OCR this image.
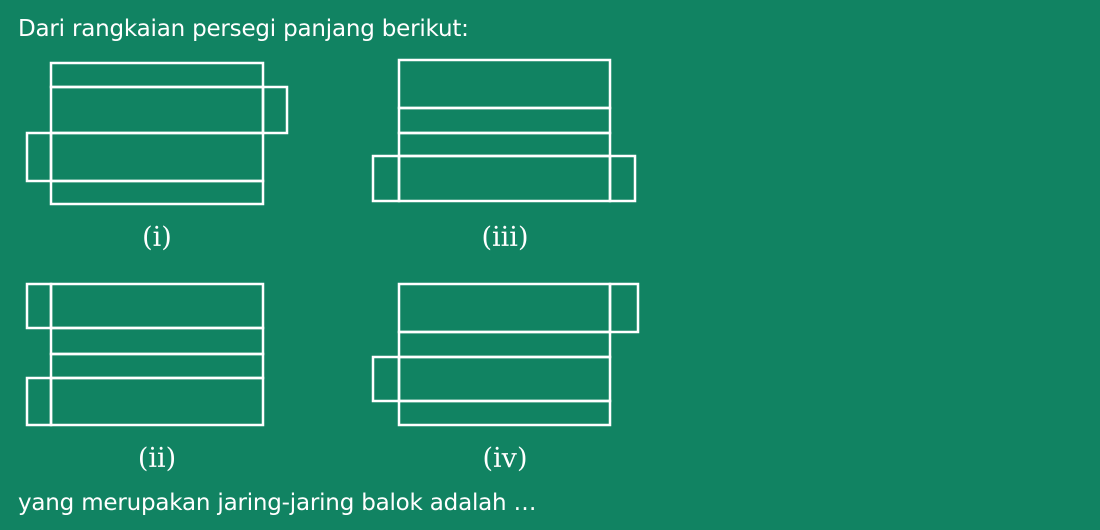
Dari rangkaian persegi panjang berikut:
(i)
(ii)
(iii)
(iv)
yang merupakan jaring-jaring balok adalah …
